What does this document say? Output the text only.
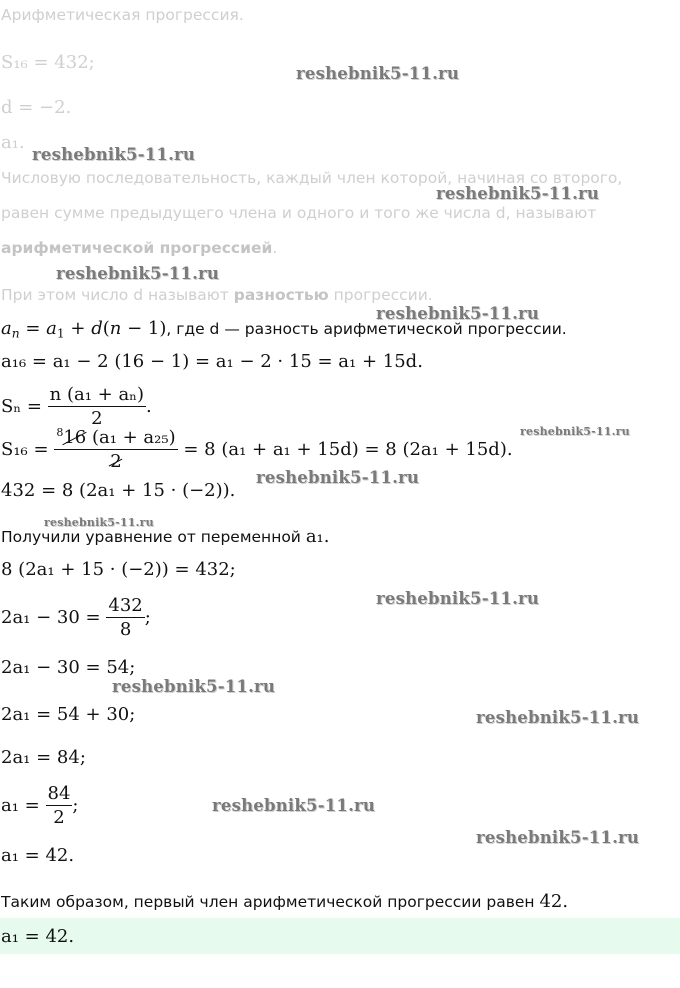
Арифметическая прогрессия.
S₁₆ = 432;
d = −2.
a₁.
Числовую последовательность, каждый член которой, начиная со второго,
равен сумме предыдущего члена и одного и того же числа d, называют
арифметической прогрессией.
При этом число d называют разностью прогрессии.
$a_n = a_1 + d(n - 1)$, где d — разность арифметической прогрессии.
a₁₆ = a₁ − 2 (16 − 1) = a₁ − 2 · 15 = a₁ + 15d.
$S_n = \frac{\text{n (a₁ + aₙ)}}{2}$ .
$S_{16} = \frac{^816 (a_1 + a_{25})}{2} = 8$ (a₁ + a₁ + 15d) = 8 (2a₁ + 15d).
432 = 8 (2a₁ + 15 · (−2)).
Получили уравнение от переменной a₁.
8 (2a₁ + 15 · (−2)) = 432;
$2a_1 - 30 = \frac{432}{8}$ ;
2a₁ − 30 = 54;
2a₁ = 54 + 30;
2a₁ = 84;
$a_1 = \frac{84}{2}$ ;
a₁ = 42.
Таким образом, первый член арифметической прогрессии равен 42.
a₁ = 42.
reshebnik5-11.ru
reshebnik5-11.ru
reshebnik5-11.ru
reshebnik5-11.ru
reshebnik5-11.ru
reshebnik5-11.ru
reshebnik5-11.ru
reshebnik5-11.ru
reshebnik5-11.ru
reshebnik5-11.ru
reshebnik5-11.ru
reshebnik5-11.ru
reshebnik5-11.ru
